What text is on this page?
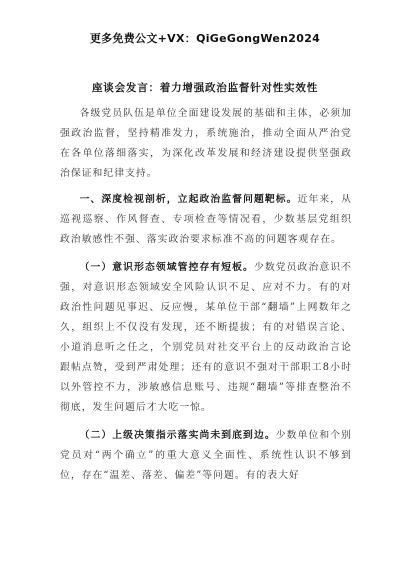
更多免费公文+VX：QiGeGongWen2024
座谈会发言：着力增强政治监督针对性实效性

各级党员队伍是单位全面建设发展的基础和主体，必须加强政治监督，坚持精准发力，系统施治，推动全面从严治党在各单位落细落实，为深化改革发展和经济建设提供坚强政治保证和纪律支持。

一、深度检视剖析，立起政治监督问题靶标。近年来，从巡视巡察、作风督查、专项检查等情况看，少数基层党组织政治敏感性不强、落实政治要求标准不高的问题客观存在。

（一）意识形态领域管控存有短板。少数党员政治意识不强，对意识形态领域安全风险认识不足、应对不力。有的对政治性问题见事迟、反应慢，某单位干部“翻墙”上网数年之久，组织上不仅没有发现，还不断提拔；有的对错误言论、小道消息听之任之，个别党员对社交平台上的反动政治言论跟帖点赞，受到严肃处理；还有的意识不强对干部职工8小时以外管控不力，涉敏感信息账号、违规“翻墙”等排查整治不彻底，发生问题后才大吃一惊。

（二）上级决策指示落实尚未到底到边。少数单位和个别党员对“两个确立”的重大意义全面性、系统性认识不够到位，存在“温差、落差、偏差”等问题。有的表大好
